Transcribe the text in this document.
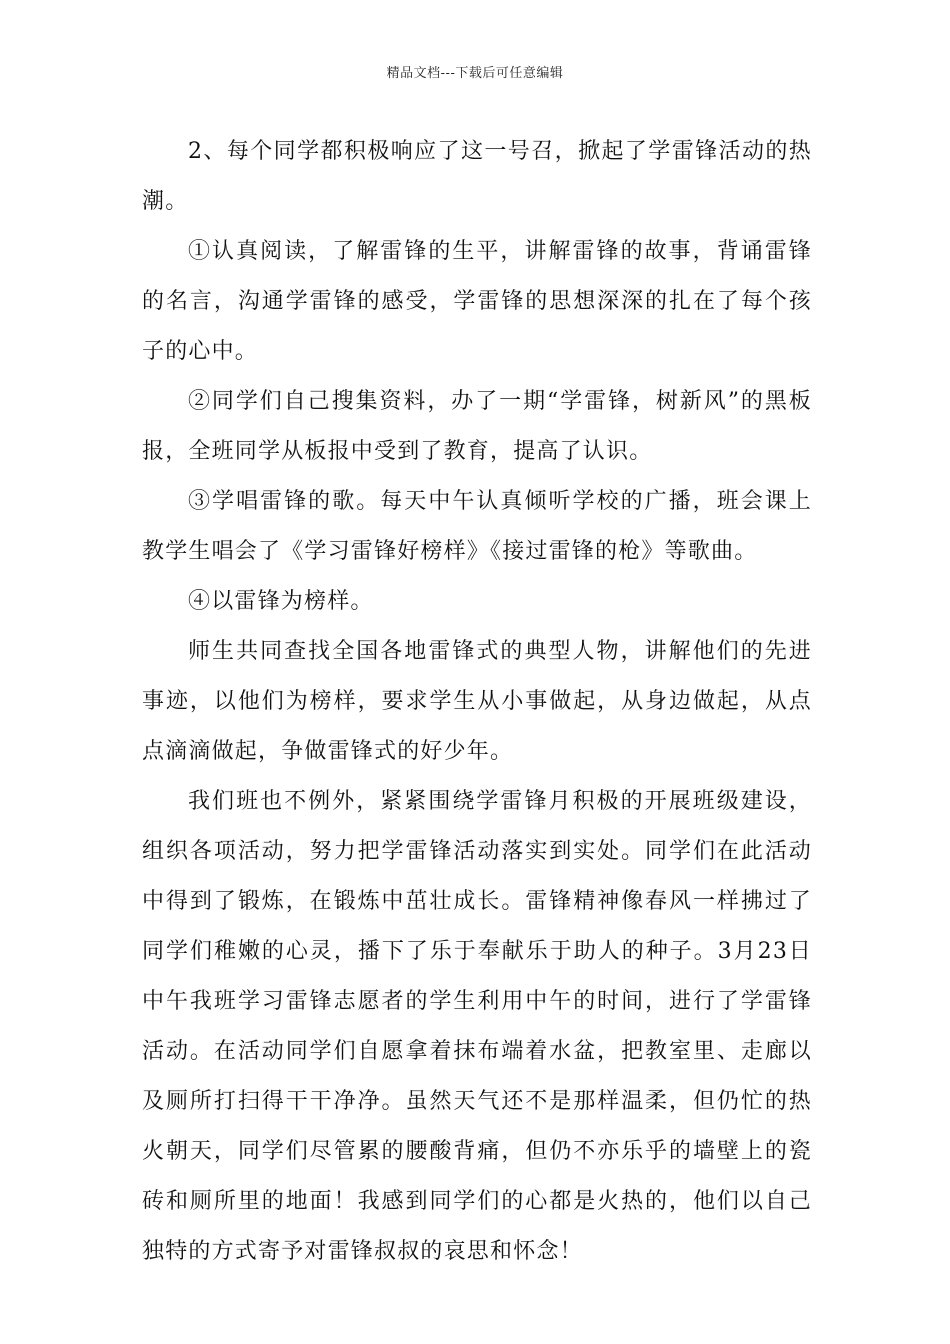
精品文档---下载后可任意编辑

2、每个同学都积极响应了这一号召，掀起了学雷锋活动的热潮。

①认真阅读，了解雷锋的生平，讲解雷锋的故事，背诵雷锋的名言，沟通学雷锋的感受，学雷锋的思想深深的扎在了每个孩子的心中。

②同学们自己搜集资料，办了一期“学雷锋，树新风”的黑板报，全班同学从板报中受到了教育，提高了认识。

③学唱雷锋的歌。每天中午认真倾听学校的广播，班会课上教学生唱会了《学习雷锋好榜样》《接过雷锋的枪》等歌曲。

④以雷锋为榜样。

师生共同查找全国各地雷锋式的典型人物，讲解他们的先进事迹，以他们为榜样，要求学生从小事做起，从身边做起，从点点滴滴做起，争做雷锋式的好少年。

我们班也不例外，紧紧围绕学雷锋月积极的开展班级建设，组织各项活动，努力把学雷锋活动落实到实处。同学们在此活动中得到了锻炼，在锻炼中茁壮成长。雷锋精神像春风一样拂过了同学们稚嫩的心灵，播下了乐于奉献乐于助人的种子。3月23日中午我班学习雷锋志愿者的学生利用中午的时间，进行了学雷锋活动。在活动同学们自愿拿着抹布端着水盆，把教室里、走廊以及厕所打扫得干干净净。虽然天气还不是那样温柔，但仍忙的热火朝天，同学们尽管累的腰酸背痛，但仍不亦乐乎的墙壁上的瓷砖和厕所里的地面！我感到同学们的心都是火热的，他们以自己独特的方式寄予对雷锋叔叔的哀思和怀念！
